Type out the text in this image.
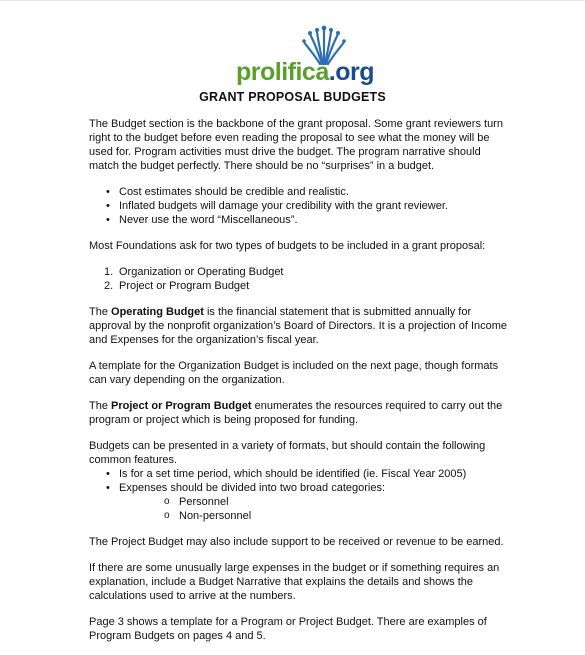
prolifica.org
GRANT PROPOSAL BUDGETS

The Budget section is the backbone of the grant proposal. Some grant reviewers turn right to the budget before even reading the proposal to see what the money will be used for. Program activities must drive the budget. The program narrative should match the budget perfectly. There should be no “surprises” in a budget.

• Cost estimates should be credible and realistic.
• Inflated budgets will damage your credibility with the grant reviewer.
• Never use the word “Miscellaneous”.

Most Foundations ask for two types of budgets to be included in a grant proposal:

1. Organization or Operating Budget
2. Project or Program Budget

The Operating Budget is the financial statement that is submitted annually for approval by the nonprofit organization’s Board of Directors. It is a projection of Income and Expenses for the organization’s fiscal year.

A template for the Organization Budget is included on the next page, though formats can vary depending on the organization.

The Project or Program Budget enumerates the resources required to carry out the program or project which is being proposed for funding.

Budgets can be presented in a variety of formats, but should contain the following common features.

• Is for a set time period, which should be identified (ie. Fiscal Year 2005)
• Expenses should be divided into two broad categories:
o Personnel
o Non-personnel

The Project Budget may also include support to be received or revenue to be earned.

If there are some unusually large expenses in the budget or if something requires an explanation, include a Budget Narrative that explains the details and shows the calculations used to arrive at the numbers.

Page 3 shows a template for a Program or Project Budget. There are examples of Program Budgets on pages 4 and 5.
